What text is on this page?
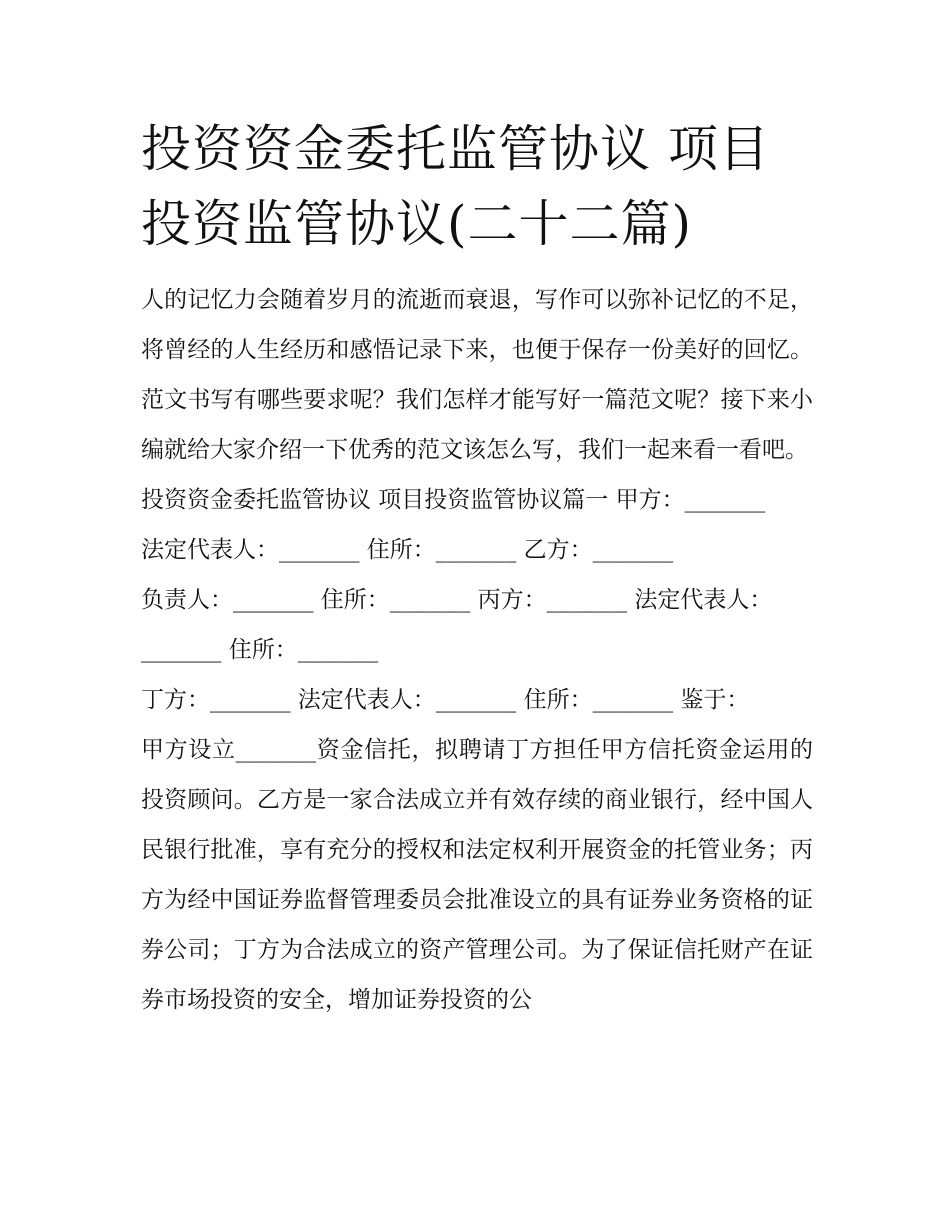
投资资金委托监管协议 项目投资监管协议(二十二篇)

人的记忆力会随着岁月的流逝而衰退，写作可以弥补记忆的不足，将曾经的人生经历和感悟记录下来，也便于保存一份美好的回忆。范文书写有哪些要求呢？我们怎样才能写好一篇范文呢？接下来小编就给大家介绍一下优秀的范文该怎么写，我们一起来看一看吧。

投资资金委托监管协议 项目投资监管协议篇一 甲方：_______
法定代表人：_______ 住所：_______ 乙方：_______
负责人：_______ 住所：_______ 丙方：_______ 法定代表人：
_______ 住所：_______
丁方：_______ 法定代表人：_______ 住所：_______ 鉴于：

甲方设立_______资金信托，拟聘请丁方担任甲方信托资金运用的投资顾问。乙方是一家合法成立并有效存续的商业银行，经中国人民银行批准，享有充分的授权和法定权利开展资金的托管业务；丙方为经中国证券监督管理委员会批准设立的具有证券业务资格的证券公司；丁方为合法成立的资产管理公司。为了保证信托财产在证券市场投资的安全，增加证券投资的公
